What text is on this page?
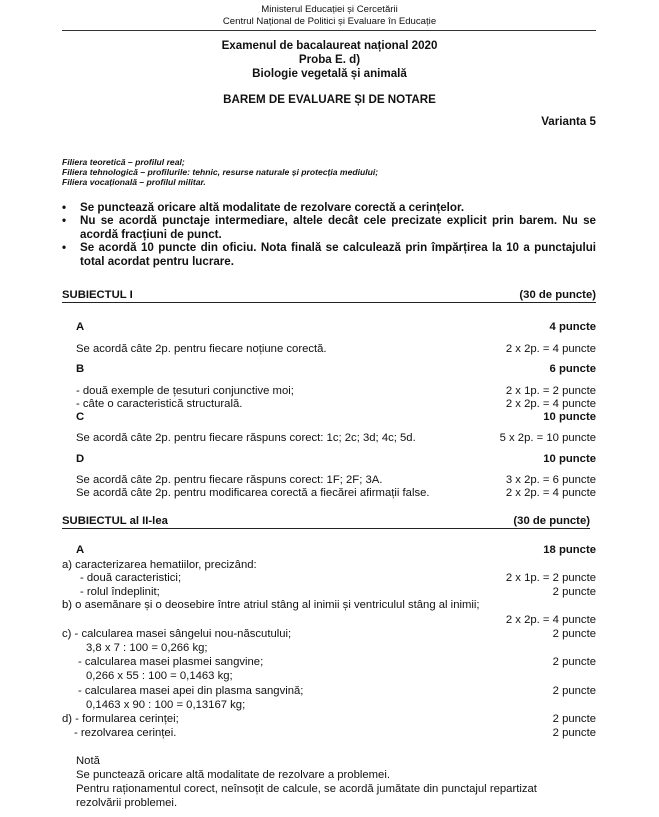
Ministerul Educației și Cercetării
Centrul Național de Politici și Evaluare în Educație
Examenul de bacalaureat național 2020
Proba E. d)
Biologie vegetală și animală
BAREM DE EVALUARE ȘI DE NOTARE
Varianta 5
Filiera teoretică – profilul real;
Filiera tehnologică – profilurile: tehnic, resurse naturale și protecția mediului;
Filiera vocațională – profilul militar.
•	Se punctează oricare altă modalitate de rezolvare corectă a cerințelor.
•	Nu se acordă punctaje intermediare, altele decât cele precizate explicit prin barem. Nu se acordă fracțiuni de punct.
•	Se acordă 10 puncte din oficiu. Nota finală se calculează prin împărțirea la 10 a punctajului total acordat pentru lucrare.
SUBIECTUL I	(30 de puncte)
A	4 puncte
Se acordă câte 2p. pentru fiecare noțiune corectă.	2 x 2p. = 4 puncte
B	6 puncte
- două exemple de țesuturi conjunctive moi;	2 x 1p. = 2 puncte
- câte o caracteristică structurală.	2 x 2p. = 4 puncte
C	10 puncte
Se acordă câte 2p. pentru fiecare răspuns corect: 1c; 2c; 3d; 4c; 5d.	5 x 2p. = 10 puncte
D	10 puncte
Se acordă câte 2p. pentru fiecare răspuns corect: 1F; 2F; 3A.	3 x 2p. = 6 puncte
Se acordă câte 2p. pentru modificarea corectă a fiecărei afirmații false.	2 x 2p. = 4 puncte
SUBIECTUL al II-lea	(30 de puncte)
A	18 puncte
a) caracterizarea hematiilor, precizând:
- două caracteristici;	2 x 1p. = 2 puncte
- rolul îndeplinit;	2 puncte
b) o asemănare și o deosebire între atriul stâng al inimii și ventriculul stâng al inimii;
2 x 2p. = 4 puncte
c) - calcularea masei sângelui nou-născutului;	2 puncte
3,8 x 7 : 100 = 0,266 kg;
- calcularea masei plasmei sangvine;	2 puncte
0,266 x 55 : 100 = 0,1463 kg;
- calcularea masei apei din plasma sangvină;	2 puncte
0,1463 x 90 : 100 = 0,13167 kg;
d) - formularea cerinței;	2 puncte
- rezolvarea cerinței.	2 puncte
Notă
Se punctează oricare altă modalitate de rezolvare a problemei.
Pentru raționamentul corect, neînsoțit de calcule, se acordă jumătate din punctajul repartizat
rezolvării problemei.
